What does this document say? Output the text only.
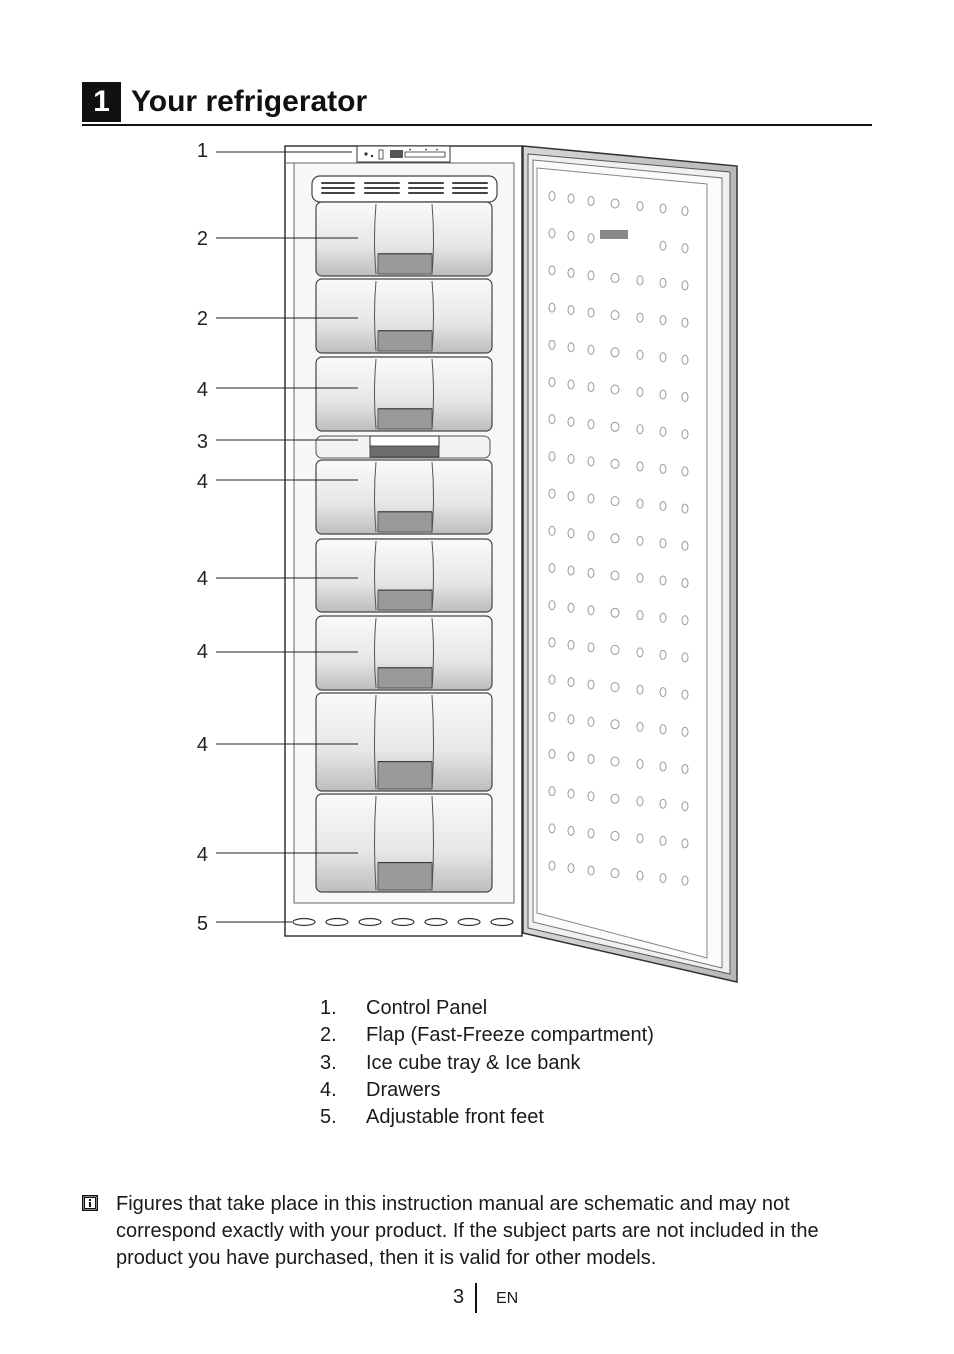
1 Your refrigerator
1
2
2
4
3
4
4
4
4
4
5
1. Control Panel
2. Flap (Fast-Freeze compartment)
3. Ice cube tray & Ice bank
4. Drawers
5. Adjustable front feet
Figures that take place in this instruction manual are schematic and may not correspond exactly with your product. If the subject parts are not included in the product you have purchased, then it is valid for other models.
3 EN
